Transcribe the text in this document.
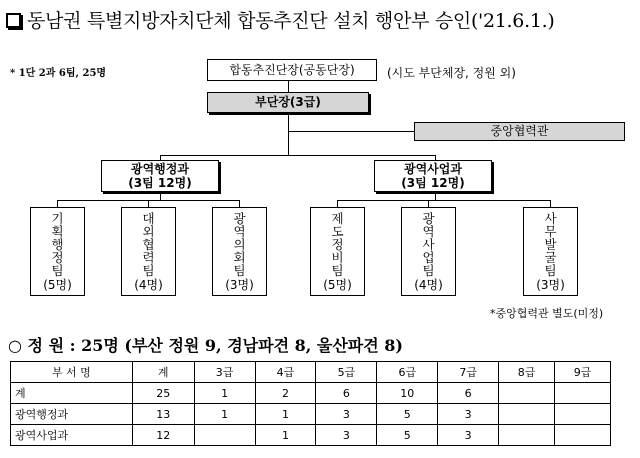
동남권 특별지방자치단체 합동추진단 설치 행안부 승인('21.6.1.)
* 1단 2과 6팀, 25명	합동추진단장(공동단장)	(시도 부단체장, 정원 외)
부단장(3급)
중앙협력관
광역행정과
(3팀 12명)
광역사업과
(3팀 12명)
기획행정팀
(5명)
대외협력팀
(4명)
광역의회팀
(3명)
제도정비팀
(5명)
광역사업팀
(4명)
사무발굴팀
(3명)
*중앙협력관 별도(미정)
○ 정 원 : 25명 (부산 정원 9, 경남파견 8, 울산파견 8)
부 서 명	계	3급	4급	5급	6급	7급	8급	9급
계	25	1	2	6	10	6		
광역행정과	13	1	1	3	5	3		
광역사업과	12		1	3	5	3		
